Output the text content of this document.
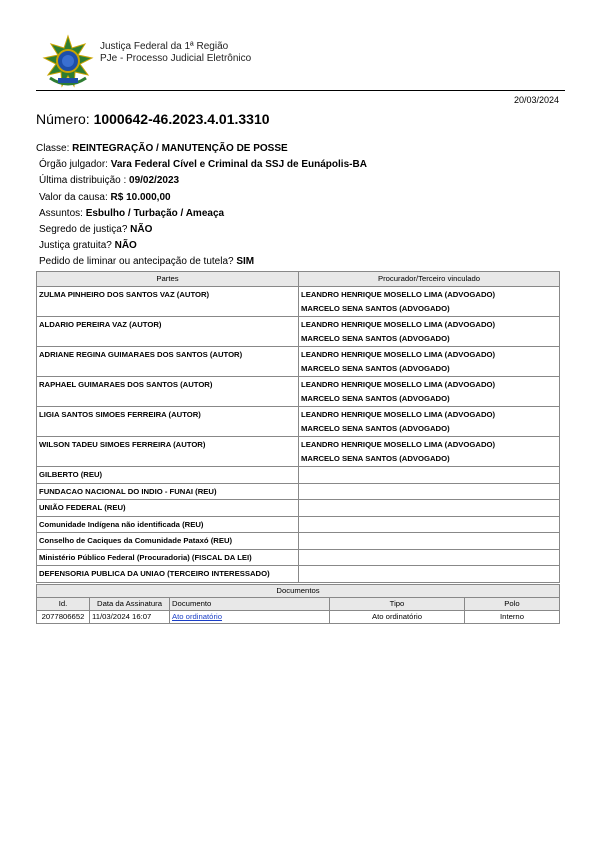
Justiça Federal da 1ª Região
PJe - Processo Judicial Eletrônico
20/03/2024
Número: 1000642-46.2023.4.01.3310
Classe: REINTEGRAÇÃO / MANUTENÇÃO DE POSSE
Órgão julgador: Vara Federal Cível e Criminal da SSJ de Eunápolis-BA
Última distribuição : 09/02/2023
Valor da causa: R$ 10.000,00
Assuntos: Esbulho / Turbação / Ameaça
Segredo de justiça? NÃO
Justiça gratuita? NÃO
Pedido de liminar ou antecipação de tutela? SIM
Partes	Procurador/Terceiro vinculado
ZULMA PINHEIRO DOS SANTOS VAZ (AUTOR)	LEANDRO HENRIQUE MOSELLO LIMA (ADVOGADO)
MARCELO SENA SANTOS (ADVOGADO)

ALDARIO PEREIRA VAZ (AUTOR)	LEANDRO HENRIQUE MOSELLO LIMA (ADVOGADO)
MARCELO SENA SANTOS (ADVOGADO)

ADRIANE REGINA GUIMARAES DOS SANTOS (AUTOR)	LEANDRO HENRIQUE MOSELLO LIMA (ADVOGADO)
MARCELO SENA SANTOS (ADVOGADO)

RAPHAEL GUIMARAES DOS SANTOS (AUTOR)	LEANDRO HENRIQUE MOSELLO LIMA (ADVOGADO)
MARCELO SENA SANTOS (ADVOGADO)

LIGIA SANTOS SIMOES FERREIRA (AUTOR)	LEANDRO HENRIQUE MOSELLO LIMA (ADVOGADO)
MARCELO SENA SANTOS (ADVOGADO)

WILSON TADEU SIMOES FERREIRA (AUTOR)	LEANDRO HENRIQUE MOSELLO LIMA (ADVOGADO)
MARCELO SENA SANTOS (ADVOGADO)

GILBERTO (REU)	
FUNDACAO NACIONAL DO INDIO - FUNAI (REU)	
UNIÃO FEDERAL (REU)	
Comunidade Indígena não identificada (REU)	
Conselho de Caciques da Comunidade Pataxó (REU)	
Ministério Público Federal (Procuradoria) (FISCAL DA LEI)	
DEFENSORIA PUBLICA DA UNIAO (TERCEIRO INTERESSADO)	
Documentos				
Id.	Data da Assinatura	Documento	Tipo	Polo
2077806652	11/03/2024 16:07	Ato ordinatório	Ato ordinatório	Interno
